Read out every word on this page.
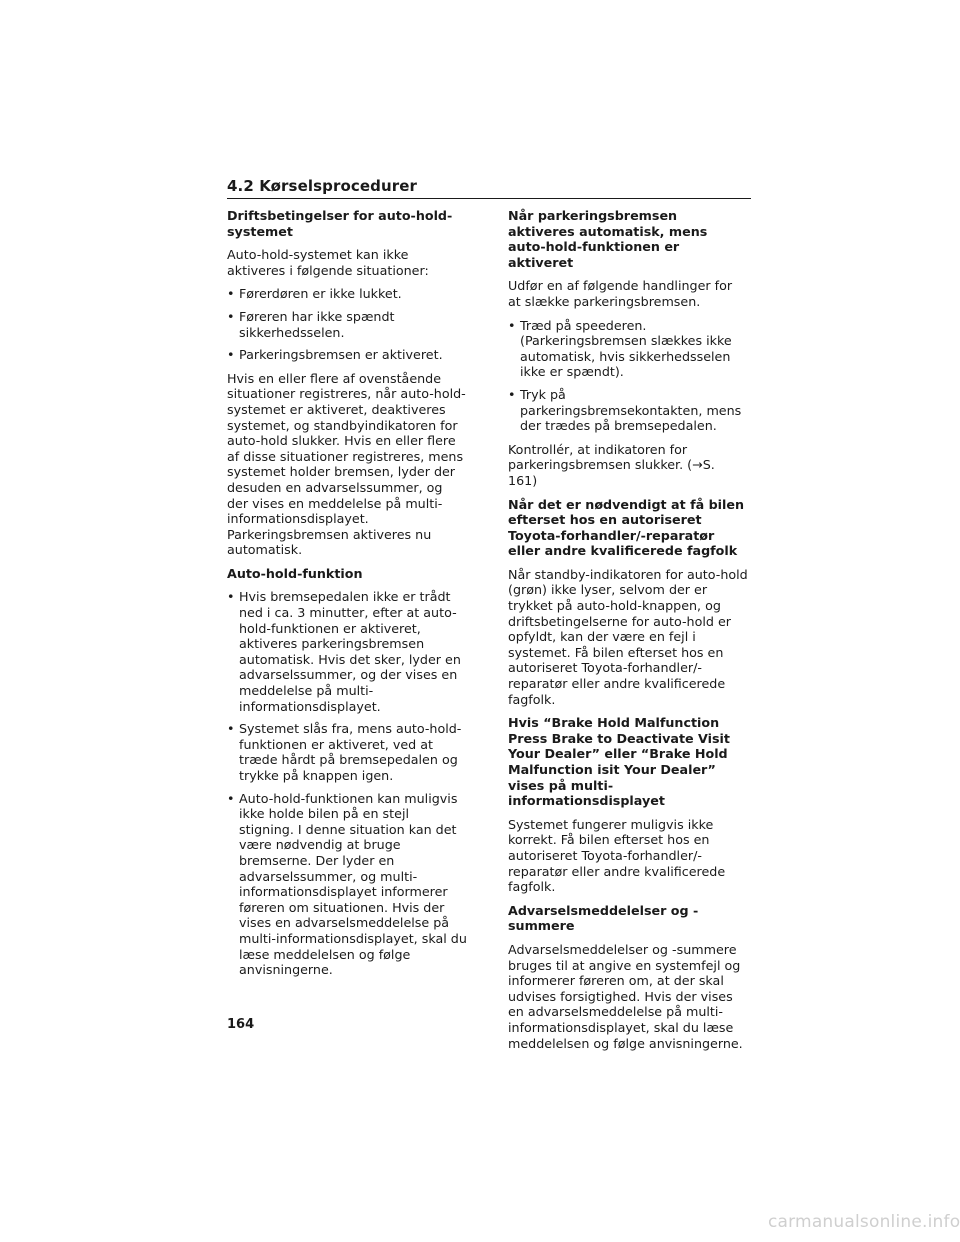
4.2 Kørselsprocedurer
Driftsbetingelser for auto-hold-systemet

Auto-hold-systemet kan ikke aktiveres i følgende situationer:

• Førerdøren er ikke lukket.
• Føreren har ikke spændt sikkerhedsselen.
• Parkeringsbremsen er aktiveret.

Hvis en eller flere af ovenstående situationer registreres, når auto-hold-systemet er aktiveret, deaktiveres systemet, og standbyindikatoren for auto-hold slukker. Hvis en eller flere af disse situationer registreres, mens systemet holder bremsen, lyder der desuden en advarselssummer, og der vises en meddelelse på multi-informationsdisplayet. Parkeringsbremsen aktiveres nu automatisk.

Auto-hold-funktion
• Hvis bremsepedalen ikke er trådt ned i ca. 3 minutter, efter at auto-hold-funktionen er aktiveret, aktiveres parkeringsbremsen automatisk. Hvis det sker, lyder en advarselssummer, og der vises en meddelelse på multi-informationsdisplayet.
• Systemet slås fra, mens auto-hold-funktionen er aktiveret, ved at træde hårdt på bremsepedalen og trykke på knappen igen.
• Auto-hold-funktionen kan muligvis ikke holde bilen på en stejl stigning. I denne situation kan det være nødvendig at bruge bremserne. Der lyder en advarselssummer, og multi-informationsdisplayet informerer føreren om situationen. Hvis der vises en advarselsmeddelelse på multi-informationsdisplayet, skal du læse meddelelsen og følge anvisningerne.
Når parkeringsbremsen aktiveres automatisk, mens auto-hold-funktionen er aktiveret

Udfør en af følgende handlinger for at slække parkeringsbremsen.

• Træd på speederen. (Parkeringsbremsen slækkes ikke automatisk, hvis sikkerhedsselen ikke er spændt).
• Tryk på parkeringsbremsekontakten, mens der trædes på bremsepedalen.

Kontrollér, at indikatoren for parkeringsbremsen slukker. (→S. 161)

Når det er nødvendigt at få bilen efterset hos en autoriseret Toyota-forhandler/-reparatør eller andre kvalificerede fagfolk

Når standby-indikatoren for auto-hold (grøn) ikke lyser, selvom der er trykket på auto-hold-knappen, og driftsbetingelserne for auto-hold er opfyldt, kan der være en fejl i systemet. Få bilen efterset hos en autoriseret Toyota-forhandler/-reparatør eller andre kvalificerede fagfolk.

Hvis “Brake Hold Malfunction Press Brake to Deactivate Visit Your Dealer” eller “Brake Hold Malfunction isit Your Dealer” vises på multi-informationsdisplayet

Systemet fungerer muligvis ikke korrekt. Få bilen efterset hos en autoriseret Toyota-forhandler/-reparatør eller andre kvalificerede fagfolk.

Advarselsmeddelelser og -summere

Advarselsmeddelelser og -summere bruges til at angive en systemfejl og informerer føreren om, at der skal udvises forsigtighed. Hvis der vises en advarselsmeddelelse på multi-informationsdisplayet, skal du læse meddelelsen og følge anvisningerne.

164
carmanualsonline.info
